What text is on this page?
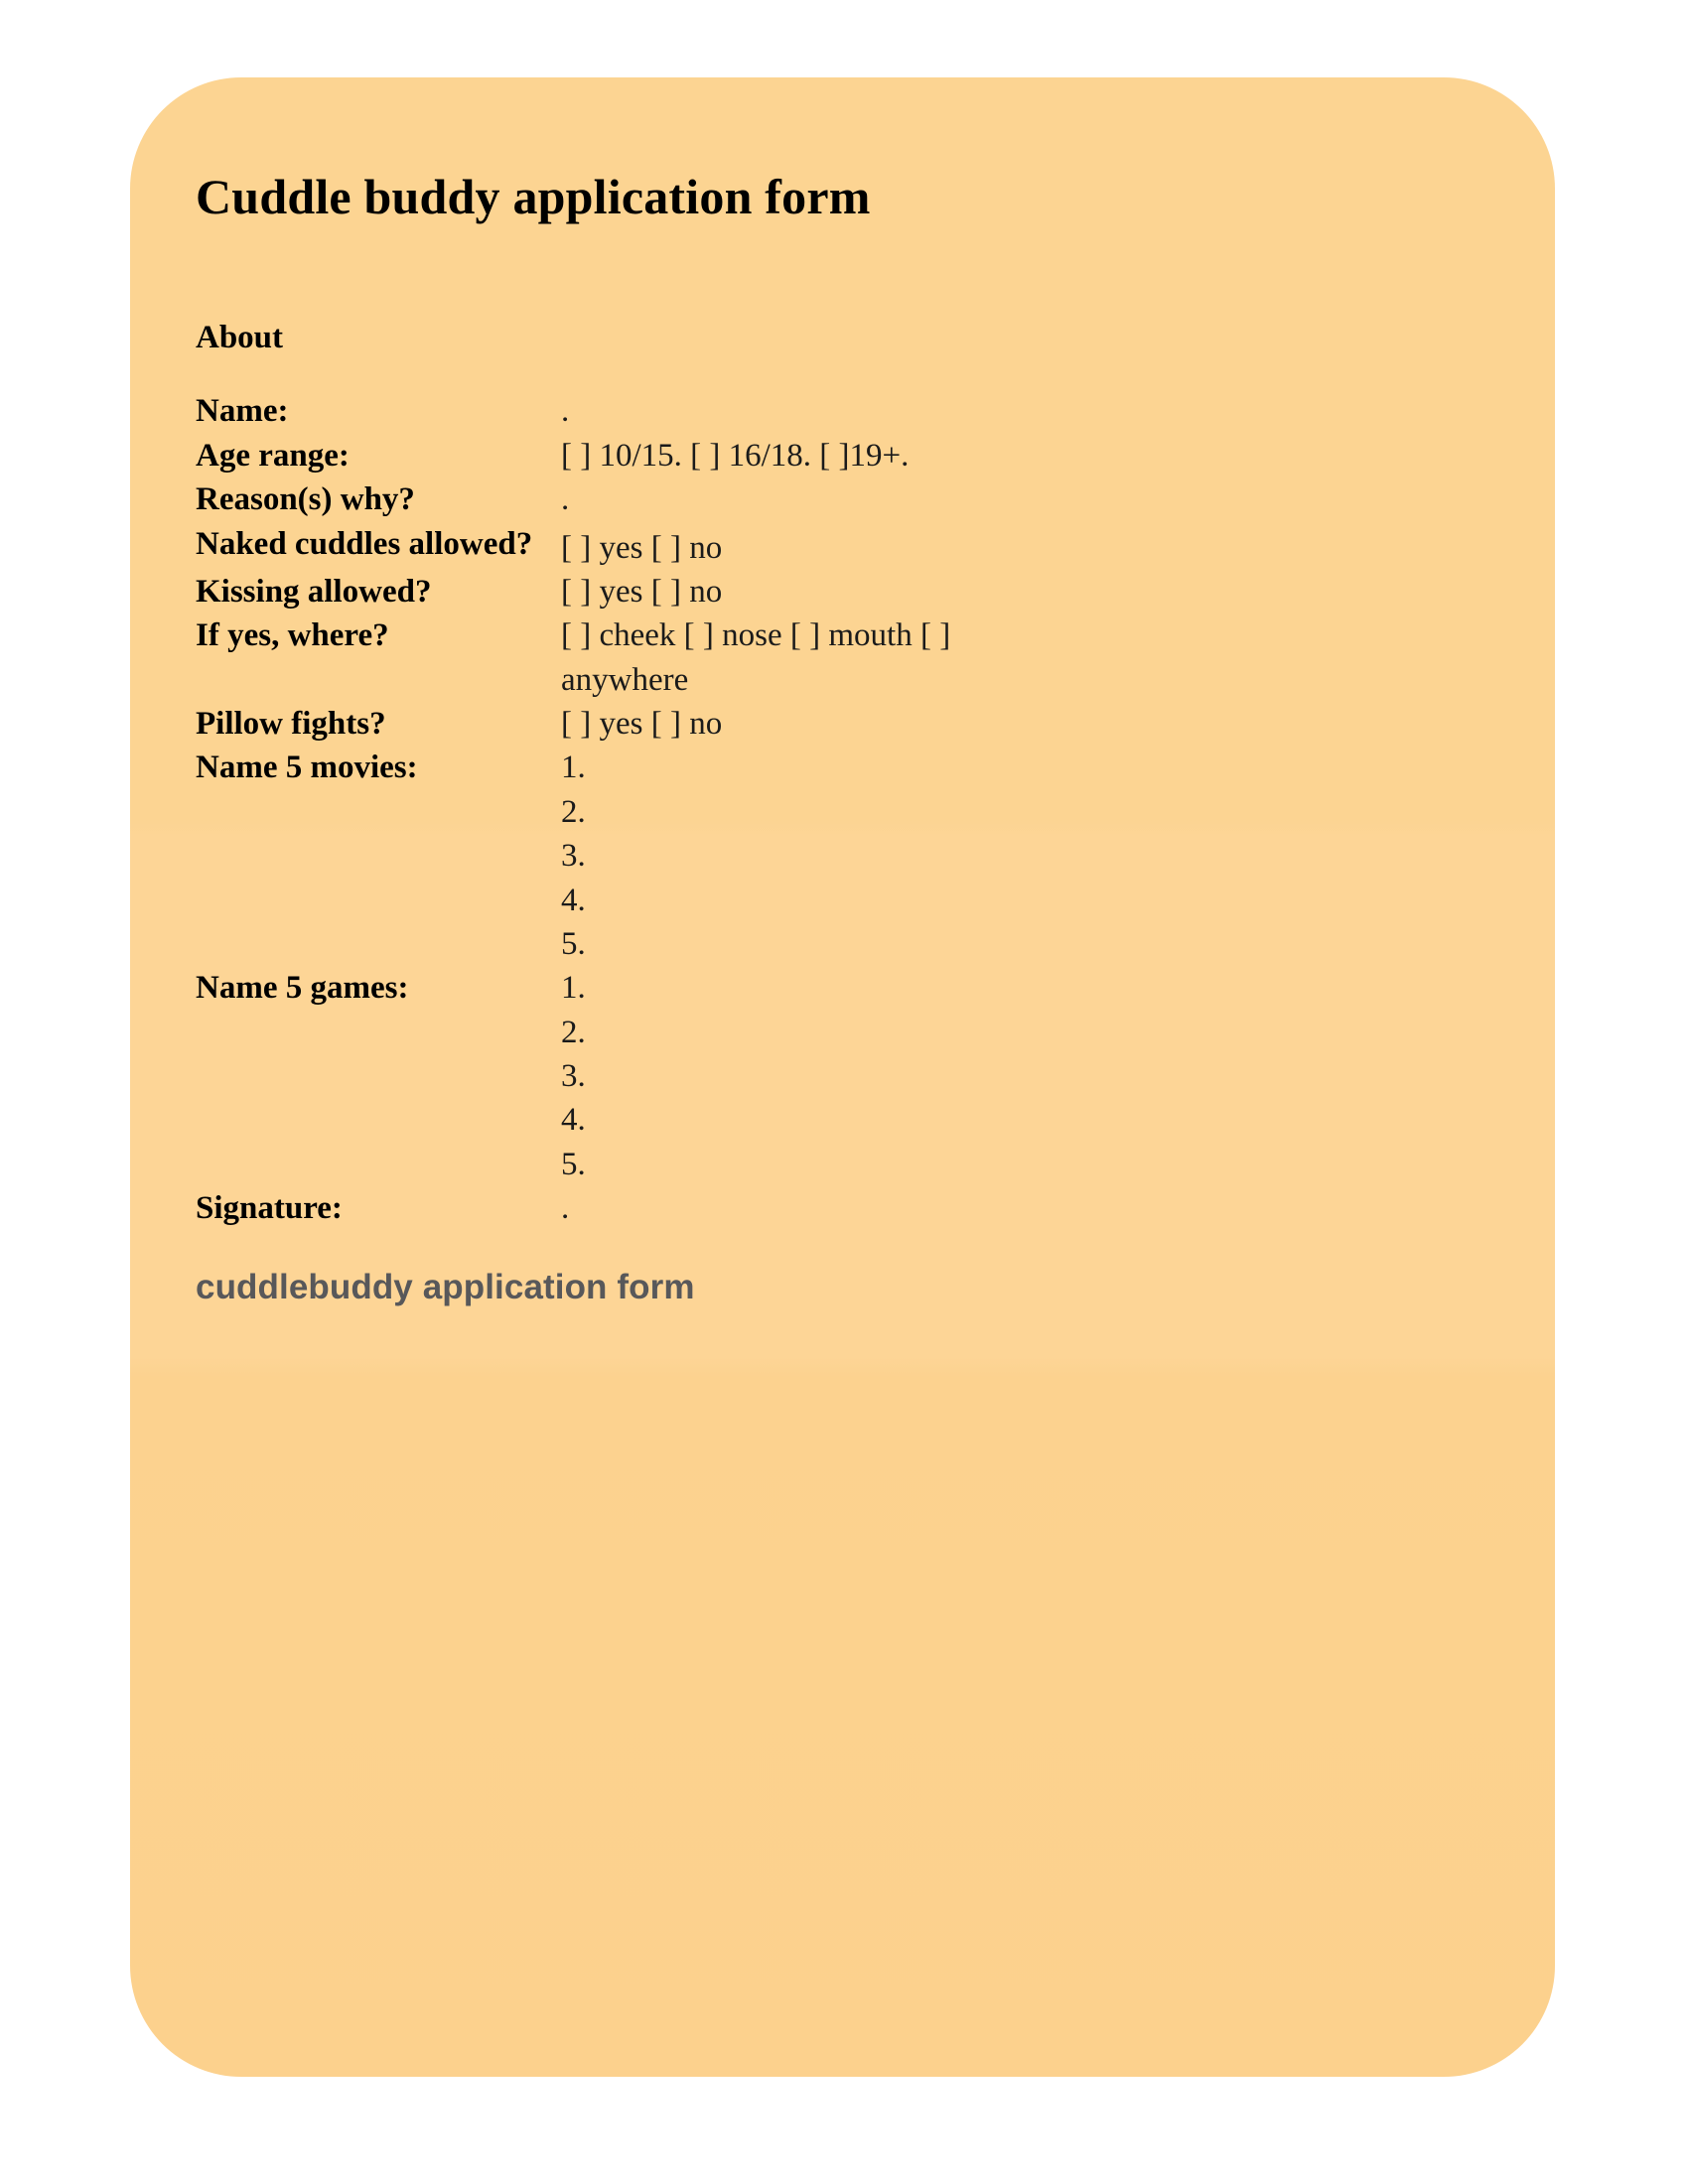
Cuddle buddy application form
About
Name:	.
Age range:	[ ] 10/15. [ ] 16/18. [ ]19+.
Reason(s) why?	.
Naked cuddles allowed? [ ] yes [ ] no
Kissing allowed?	[ ] yes [ ] no
If yes, where?	[ ] cheek [ ] nose [ ] mouth [ ] anywhere
Pillow fights?	[ ] yes [ ] no
Name 5 movies:	1.
2.
3.
4.
5.
Name 5 games:	1.
2.
3.
4.
5.
Signature:	.
cuddlebuddy application form
